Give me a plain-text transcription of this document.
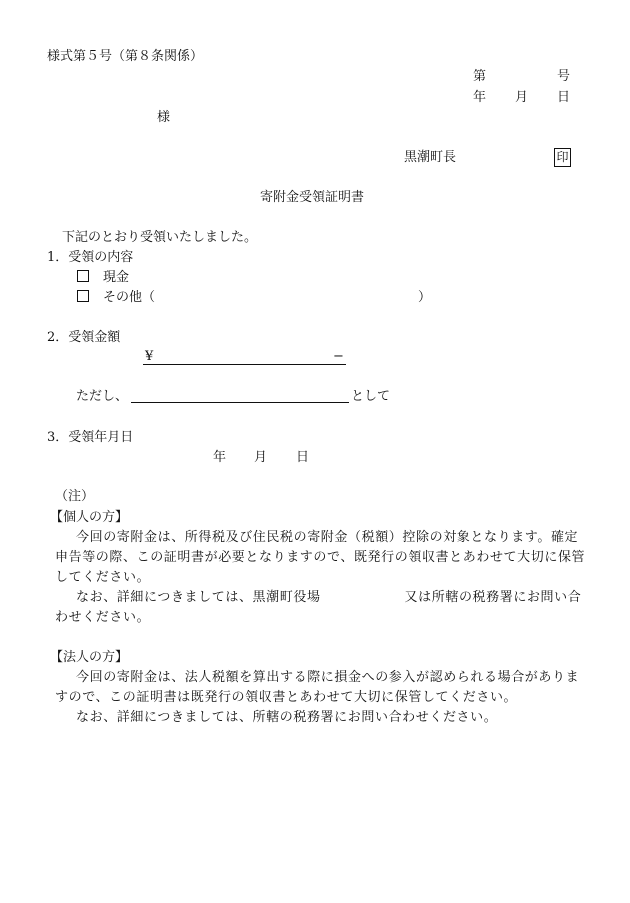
様式第５号（第８条関係）
第	号
年 月 日
様
黒潮町長	印
寄附金受領証明書
下記のとおり受領いたしました。
1．受領の内容
現金
その他（	）
2．受領金額
¥	−
ただし、	として
3．受領年月日
年 月 日
（注）
【個人の方】

今回の寄附金は、所得税及び住民税の寄附金（税額）控除の対象となります。確定申告等の際、この証明書が必要となりますので、既発行の領収書とあわせて大切に保管してください。

なお、詳細につきましては、黒潮町役場	又は所轄の税務署にお問い合わせください。

【法人の方】

今回の寄附金は、法人税額を算出する際に損金への参入が認められる場合がありますので、この証明書は既発行の領収書とあわせて大切に保管してください。

なお、詳細につきましては、所轄の税務署にお問い合わせください。
